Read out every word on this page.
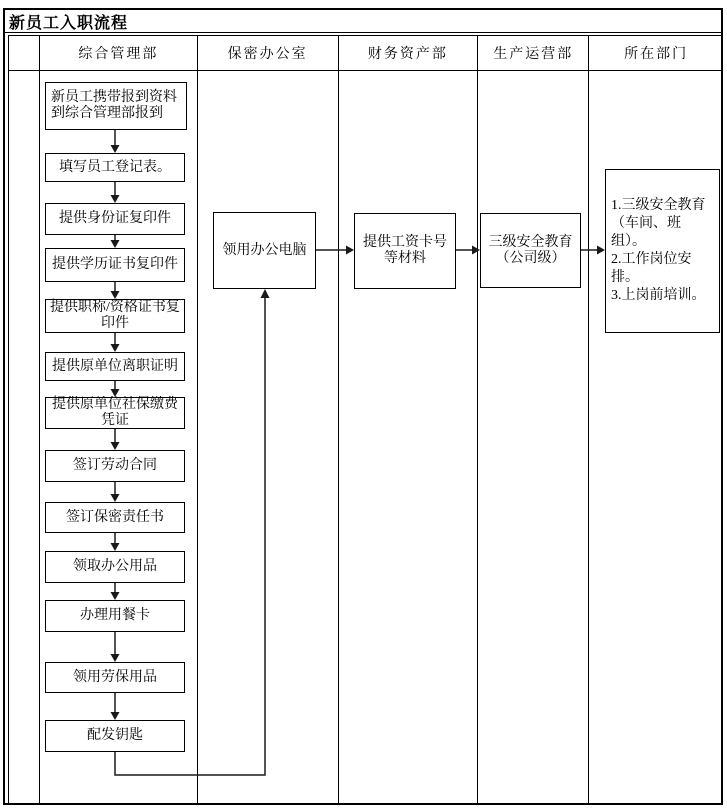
新员工入职流程
综合管理部	保密办公室	财务资产部	生产运营部	所在部门
新员工携带报到资料到综合管理部报到
填写员工登记表。
提供身份证复印件
提供学历证书复印件
提供职称/资格证书复印件
提供原单位离职证明
提供原单位社保缴费凭证
签订劳动合同
签订保密责任书
领取办公用品
办理用餐卡
领用劳保用品
配发钥匙
领用办公电脑	提供工资卡号等材料
三级安全教育（公司级）
1.三级安全教育（车间、班组）。
2.工作岗位安排。
3.上岗前培训。
